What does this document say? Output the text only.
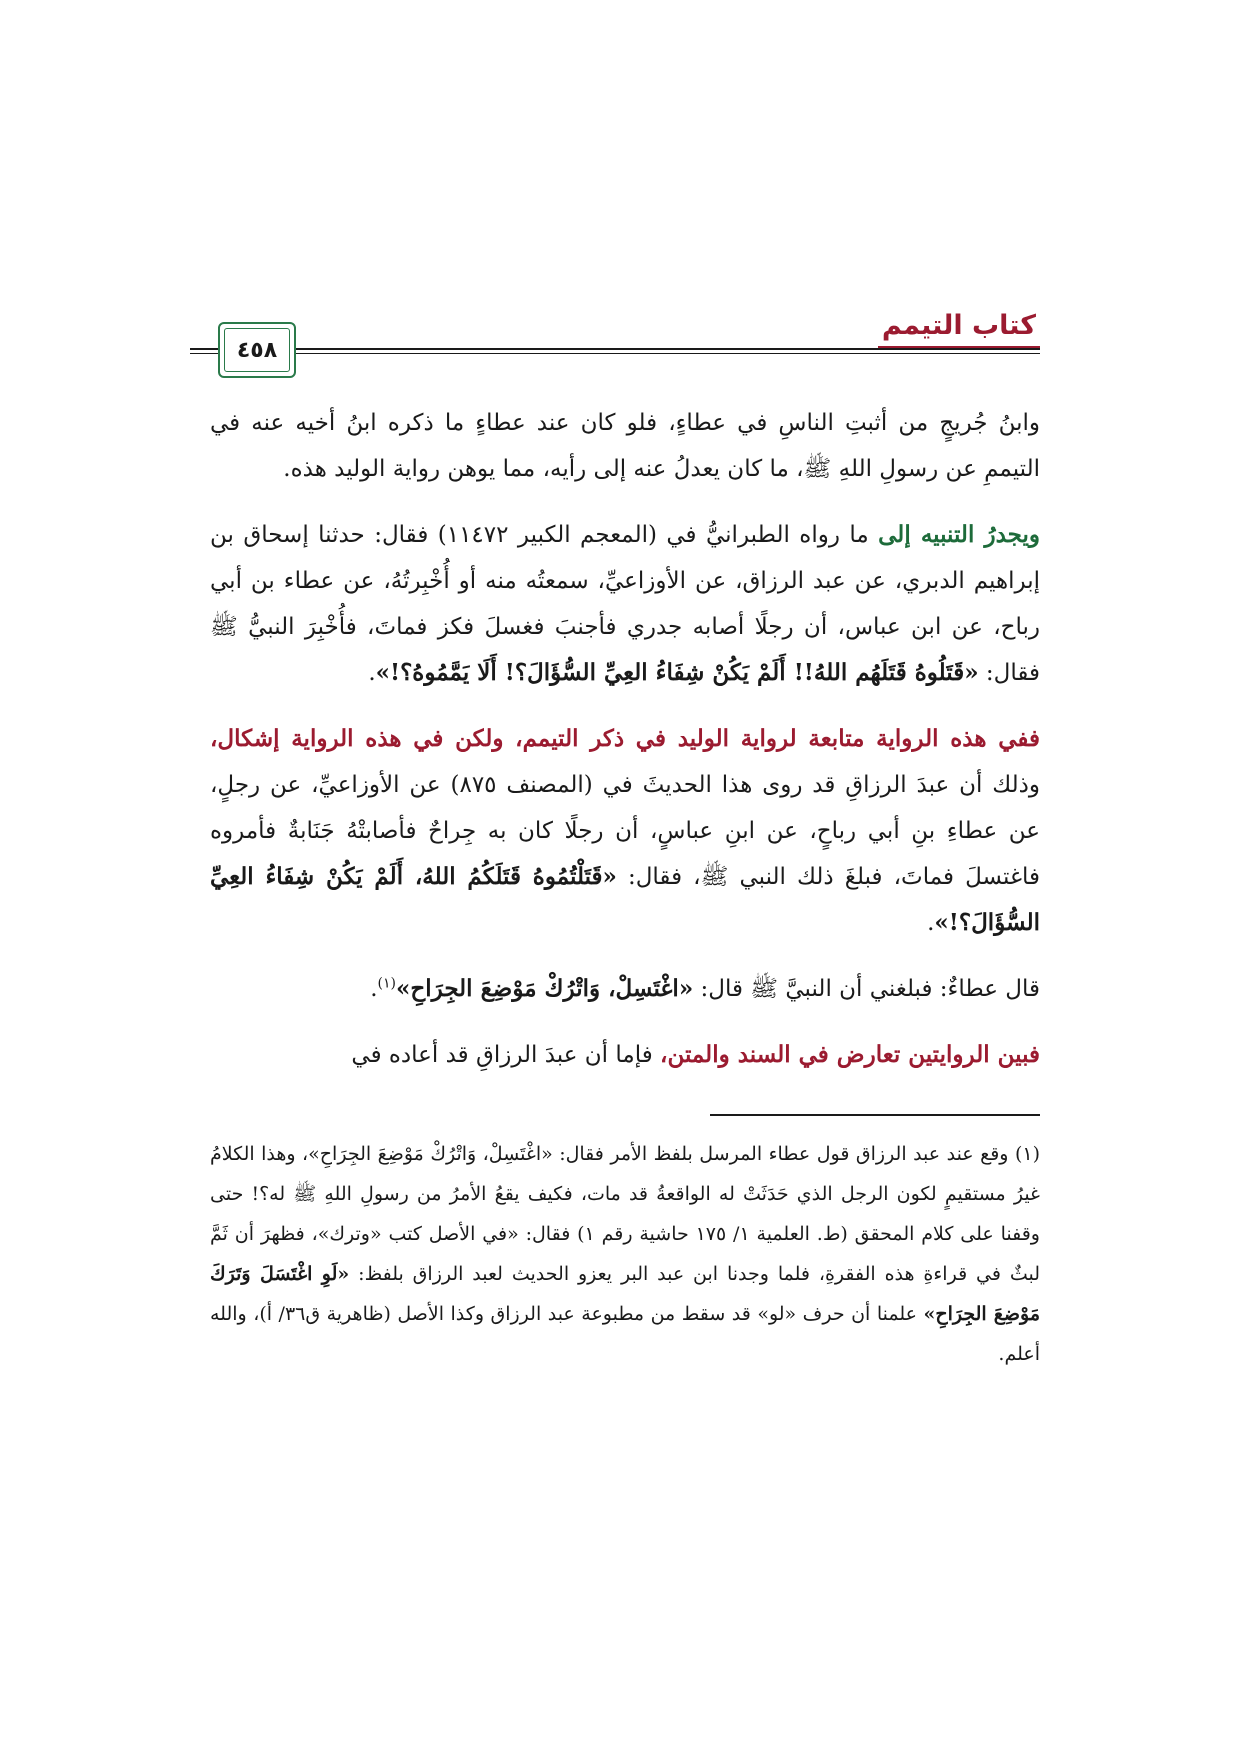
كتاب التيمم
٤٥٨

وابنُ جُريجٍ من أثبتِ الناسِ في عطاءٍ، فلو كان عند عطاءٍ ما ذكره ابنُ أخيه عنه في التيممِ عن رسولِ اللهِ ﷺ، ما كان يعدلُ عنه إلى رأيه، مما يوهن رواية الوليد هذه.

ويجدرُ التنبيه إلى ما رواه الطبرانيُّ في (المعجم الكبير ١١٤٧٢) فقال: حدثنا إسحاق بن إبراهيم الدبري، عن عبد الرزاق، عن الأوزاعيِّ، سمعتُه منه أو أُخْبِرتُهُ، عن عطاء بن أبي رباح، عن ابن عباس، أن رجلًا أصابه جدري فأجنبَ فغسلَ فكز فماتَ، فأُخْبِرَ النبيُّ ﷺ فقال: «قَتَلُوهُ قَتَلَهُم اللهُ!! أَلَمْ يَكُنْ شِفَاءُ العِيِّ السُّؤَالَ؟! أَلَا يَمَّمُوهُ؟!».

ففي هذه الرواية متابعة لرواية الوليد في ذكر التيمم، ولكن في هذه الرواية إشكال، وذلك أن عبدَ الرزاقِ قد روى هذا الحديثَ في (المصنف ٨٧٥) عن الأوزاعيِّ، عن رجلٍ، عن عطاءِ بنِ أبي رباحٍ، عن ابنِ عباسٍ، أن رجلًا كان به جِراحٌ فأصابتْهُ جَنَابةٌ فأمروه فاغتسلَ فماتَ، فبلغَ ذلك النبي ﷺ، فقال: «قَتَلْتُمُوهُ قَتَلَكُمُ اللهُ، أَلَمْ يَكُنْ شِفَاءُ العِيِّ السُّؤَالَ؟!».

قال عطاءٌ: فبلغني أن النبيَّ ﷺ قال: «اغْتَسِلْ، وَاتْرُكْ مَوْضِعَ الجِرَاحِ»$^{(١)}$.

فبين الروايتين تعارض في السند والمتن، فإما أن عبدَ الرزاقِ قد أعاده في

(١) وقع عند عبد الرزاق قول عطاء المرسل بلفظ الأمر فقال: «اغْتَسِلْ، وَاتْرُكْ مَوْضِعَ الجِرَاحِ»، وهذا الكلامُ غيرُ مستقيمٍ لكون الرجل الذي حَدَثَتْ له الواقعةُ قد مات، فكيف يقعُ الأمرُ من رسولِ اللهِ ﷺ له؟! حتى وقفنا على كلام المحقق (ط. العلمية ١/ ١٧٥ حاشية رقم ١) فقال: «في الأصل كتب «وترك»، فظهرَ أن ثَمَّ لبثٌ في قراءةِ هذه الفقرةِ، فلما وجدنا ابن عبد البر يعزو الحديث لعبد الرزاق بلفظ: «لَوِ اغْتَسَلَ وَتَرَكَ مَوْضِعَ الجِرَاحِ» علمنا أن حرف «لو» قد سقط من مطبوعة عبد الرزاق وكذا الأصل (ظاهرية ق٣٦/ أ)، والله أعلم.
